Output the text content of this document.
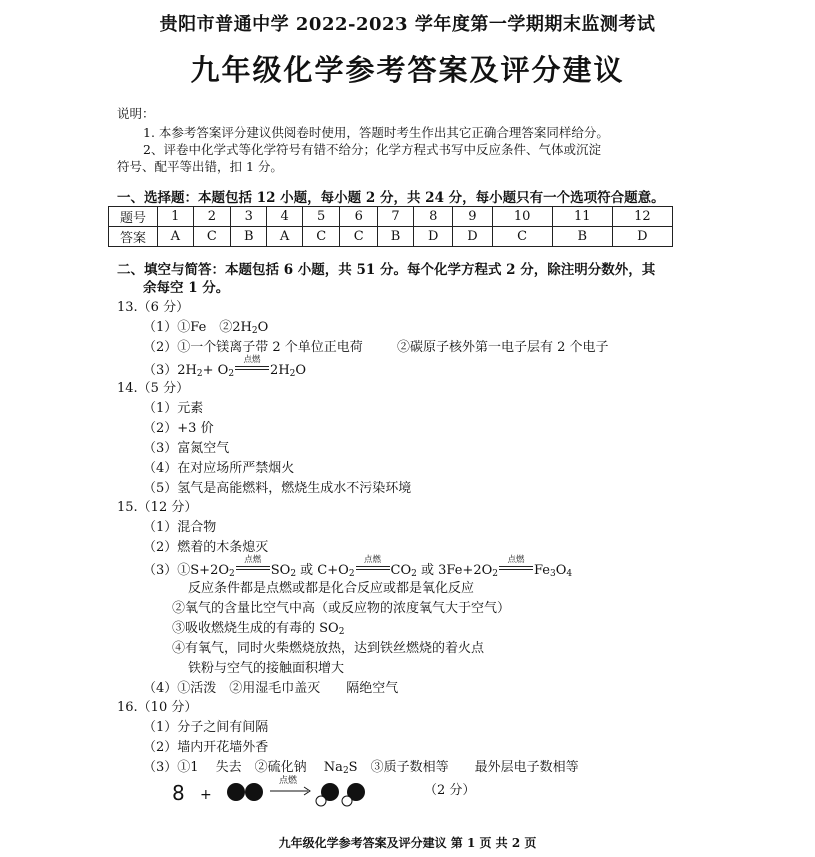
贵阳市普通中学 2022-2023 学年度第一学期期末监测考试
九年级化学参考答案及评分建议
说明：
1. 本参考答案评分建议供阅卷时使用，答题时考生作出其它正确合理答案同样给分。
2、评卷中化学式等化学符号有错不给分；化学方程式书写中反应条件、气体或沉淀
符号、配平等出错，扣 1 分。
一、选择题：本题包括 12 小题，每小题 2 分，共 24 分，每小题只有一个选项符合题意。
题号	1	2	3	4	5	6	7	8	9	10	11	12
答案	A	C	B	A	C	C	B	D	D	C	B	D
二、填空与简答：本题包括 6 小题，共 51 分。每个化学方程式 2 分，除注明分数外，其
余每空 1 分。
13.（6 分）
（1）①Fe　$②2H_2O$
（2）①一个镁离子带 2 个单位正电荷	②碳原子核外第一电子层有 2 个电子
$(3)2H_2+ O_2$
点燃
$2H_2O$
14.（5 分）
（1）元素
（2）+3 价
（3）富氮空气
（4）在对应场所严禁烟火
（5）氢气是高能燃料，燃烧生成水不污染环境
15.（12 分）
（1）混合物
（2）燃着的木条熄灭
$(3)①S+2O_2$
点燃
$SO_2$ 或 $C+O_2$
点燃
$CO_2$ 或 $3Fe+2O_2$
点燃
$Fe_3O_4$
反应条件都是点燃或都是化合反应或都是氧化反应
②氧气的含量比空气中高（或反应物的浓度氧气大于空气）
③吸收燃烧生成的有毒的 $SO_2$
④有氧气，同时火柴燃烧放热，达到铁丝燃烧的着火点
铁粉与空气的接触面积增大
（4）①活泼　②用湿毛巾盖灭　　隔绝空气
16.（10 分）
（1）分子之间有间隔
（2）墙内开花墙外香
（3）①1　 失去　②硫化钠　 $Na_2S$　③质子数相等　　最外层电子数相等
8 +
点燃
（2 分）
九年级化学参考答案及评分建议 第 1 页 共 2 页
